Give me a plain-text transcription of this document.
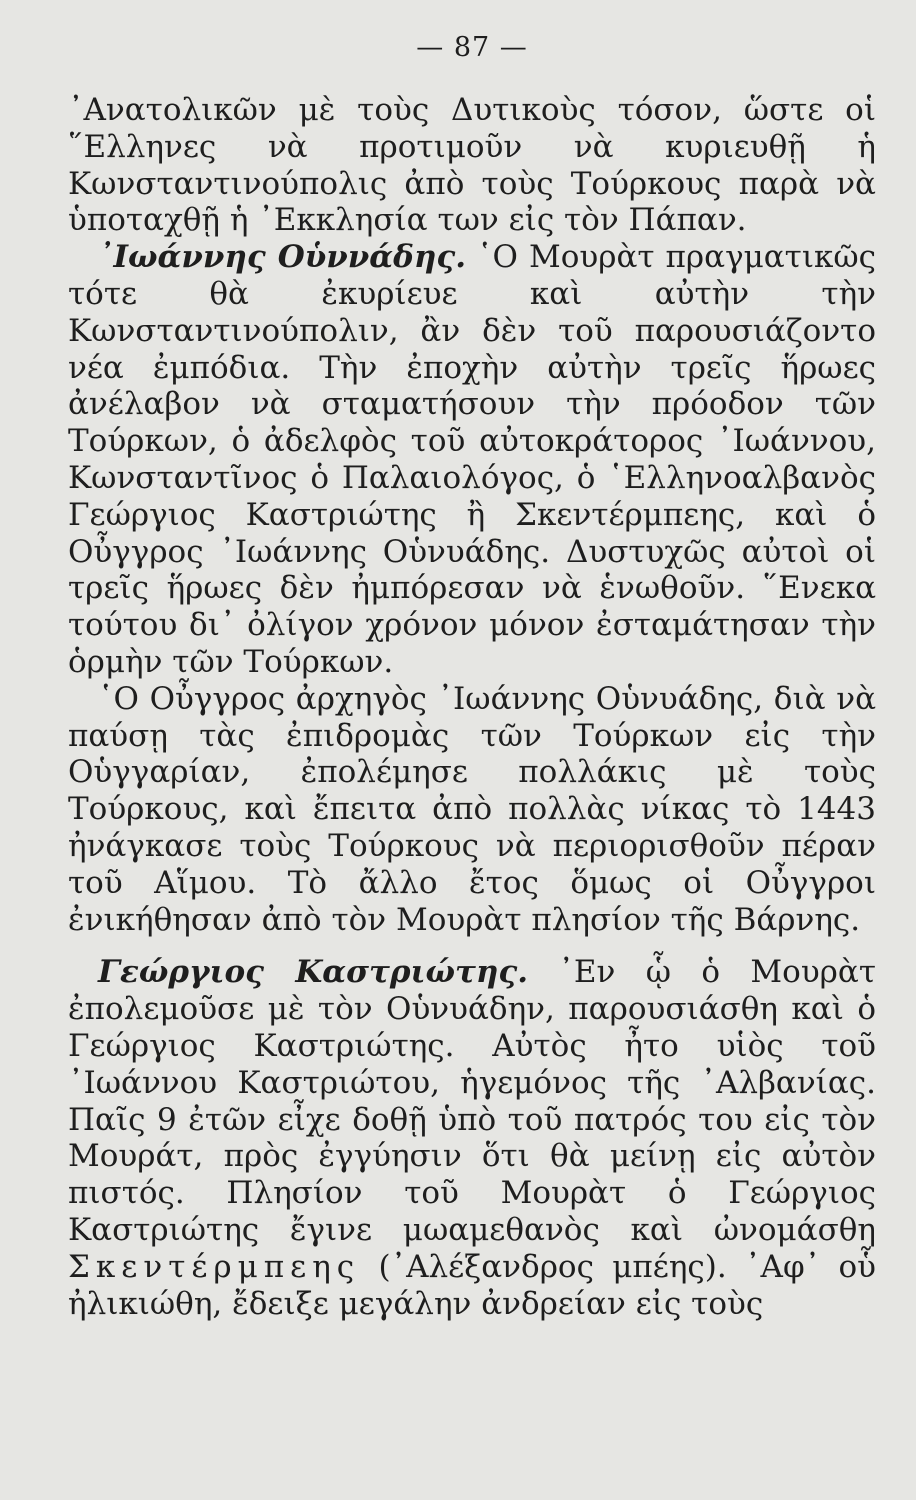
— 87 —

᾿Ανατολικῶν μὲ τοὺς Δυτικοὺς τόσον, ὥστε οἱ ῞Ελληνες νὰ προτιμοῦν νὰ κυριευθῇ ἡ Κωνσταντινούπολις ἀπὸ τοὺς Τούρκους παρὰ νὰ ὑποταχθῇ ἡ ᾿Εκκλησία των εἰς τὸν Πάπαν.

᾿Ιωάννης Οὑννάδης. ῾Ο Μουρὰτ πραγματικῶς τότε θὰ ἐκυρίευε καὶ αὐτὴν τὴν Κωνσταντινούπολιν, ἂν δὲν τοῦ παρουσιάζοντο νέα ἐμπόδια. Τὴν ἐποχὴν αὐτὴν τρεῖς ἥρωες ἀνέλαβον νὰ σταματήσουν τὴν πρόοδον τῶν Τούρκων, ὁ ἀδελφὸς τοῦ αὐτοκράτορος ᾿Ιωάννου, Κωνσταντῖνος ὁ Παλαιολόγος, ὁ ῾Ελληνοαλβανὸς Γεώργιος Καστριώτης ἢ Σκεντέρμπεης, καὶ ὁ Οὖγγρος ᾿Ιωάννης Οὑνυάδης. Δυστυχῶς αὐτοὶ οἱ τρεῖς ἥρωες δὲν ἠμπόρεσαν νὰ ἑνωθοῦν. ῞Ενεκα τούτου δι᾿ ὀλίγον χρόνον μόνον ἐσταμάτησαν τὴν ὁρμὴν τῶν Τούρκων.

῾Ο Οὖγγρος ἀρχηγὸς ᾿Ιωάννης Οὑνυάδης, διὰ νὰ παύσῃ τὰς ἐπιδρομὰς τῶν Τούρκων εἰς τὴν Οὑγγαρίαν, ἐπολέμησε πολλάκις μὲ τοὺς Τούρκους, καὶ ἔπειτα ἀπὸ πολλὰς νίκας τὸ 1443 ἠνάγκασε τοὺς Τούρκους νὰ περιορισθοῦν πέραν τοῦ Αἵμου. Τὸ ἄλλο ἔτος ὅμως οἱ Οὖγγροι ἐνικήθησαν ἀπὸ τὸν Μουρὰτ πλησίον τῆς Βάρνης.

Γεώργιος Καστριώτης. ᾿Εν ᾧ ὁ Μουρὰτ ἐπολεμοῦσε μὲ τὸν Οὑνυάδην, παρουσιάσθη καὶ ὁ Γεώργιος Καστριώτης. Αὐτὸς ἦτο υἱὸς τοῦ ᾿Ιωάννου Καστριώτου, ἡγεμόνος τῆς ᾿Αλβανίας. Παῖς 9 ἐτῶν εἶχε δοθῇ ὑπὸ τοῦ πατρός του εἰς τὸν Μουράτ, πρὸς ἐγγύησιν ὅτι θὰ μείνῃ εἰς αὐτὸν πιστός. Πλησίον τοῦ Μουρὰτ ὁ Γεώργιος Καστριώτης ἔγινε μωαμεθανὸς καὶ ὠνομάσθη Σκεντέρμπεης (᾿Αλέξανδρος μπέης). ᾿Αφ᾿ οὗ ἠλικιώθη, ἔδειξε μεγάλην ἀνδρείαν εἰς τοὺς
